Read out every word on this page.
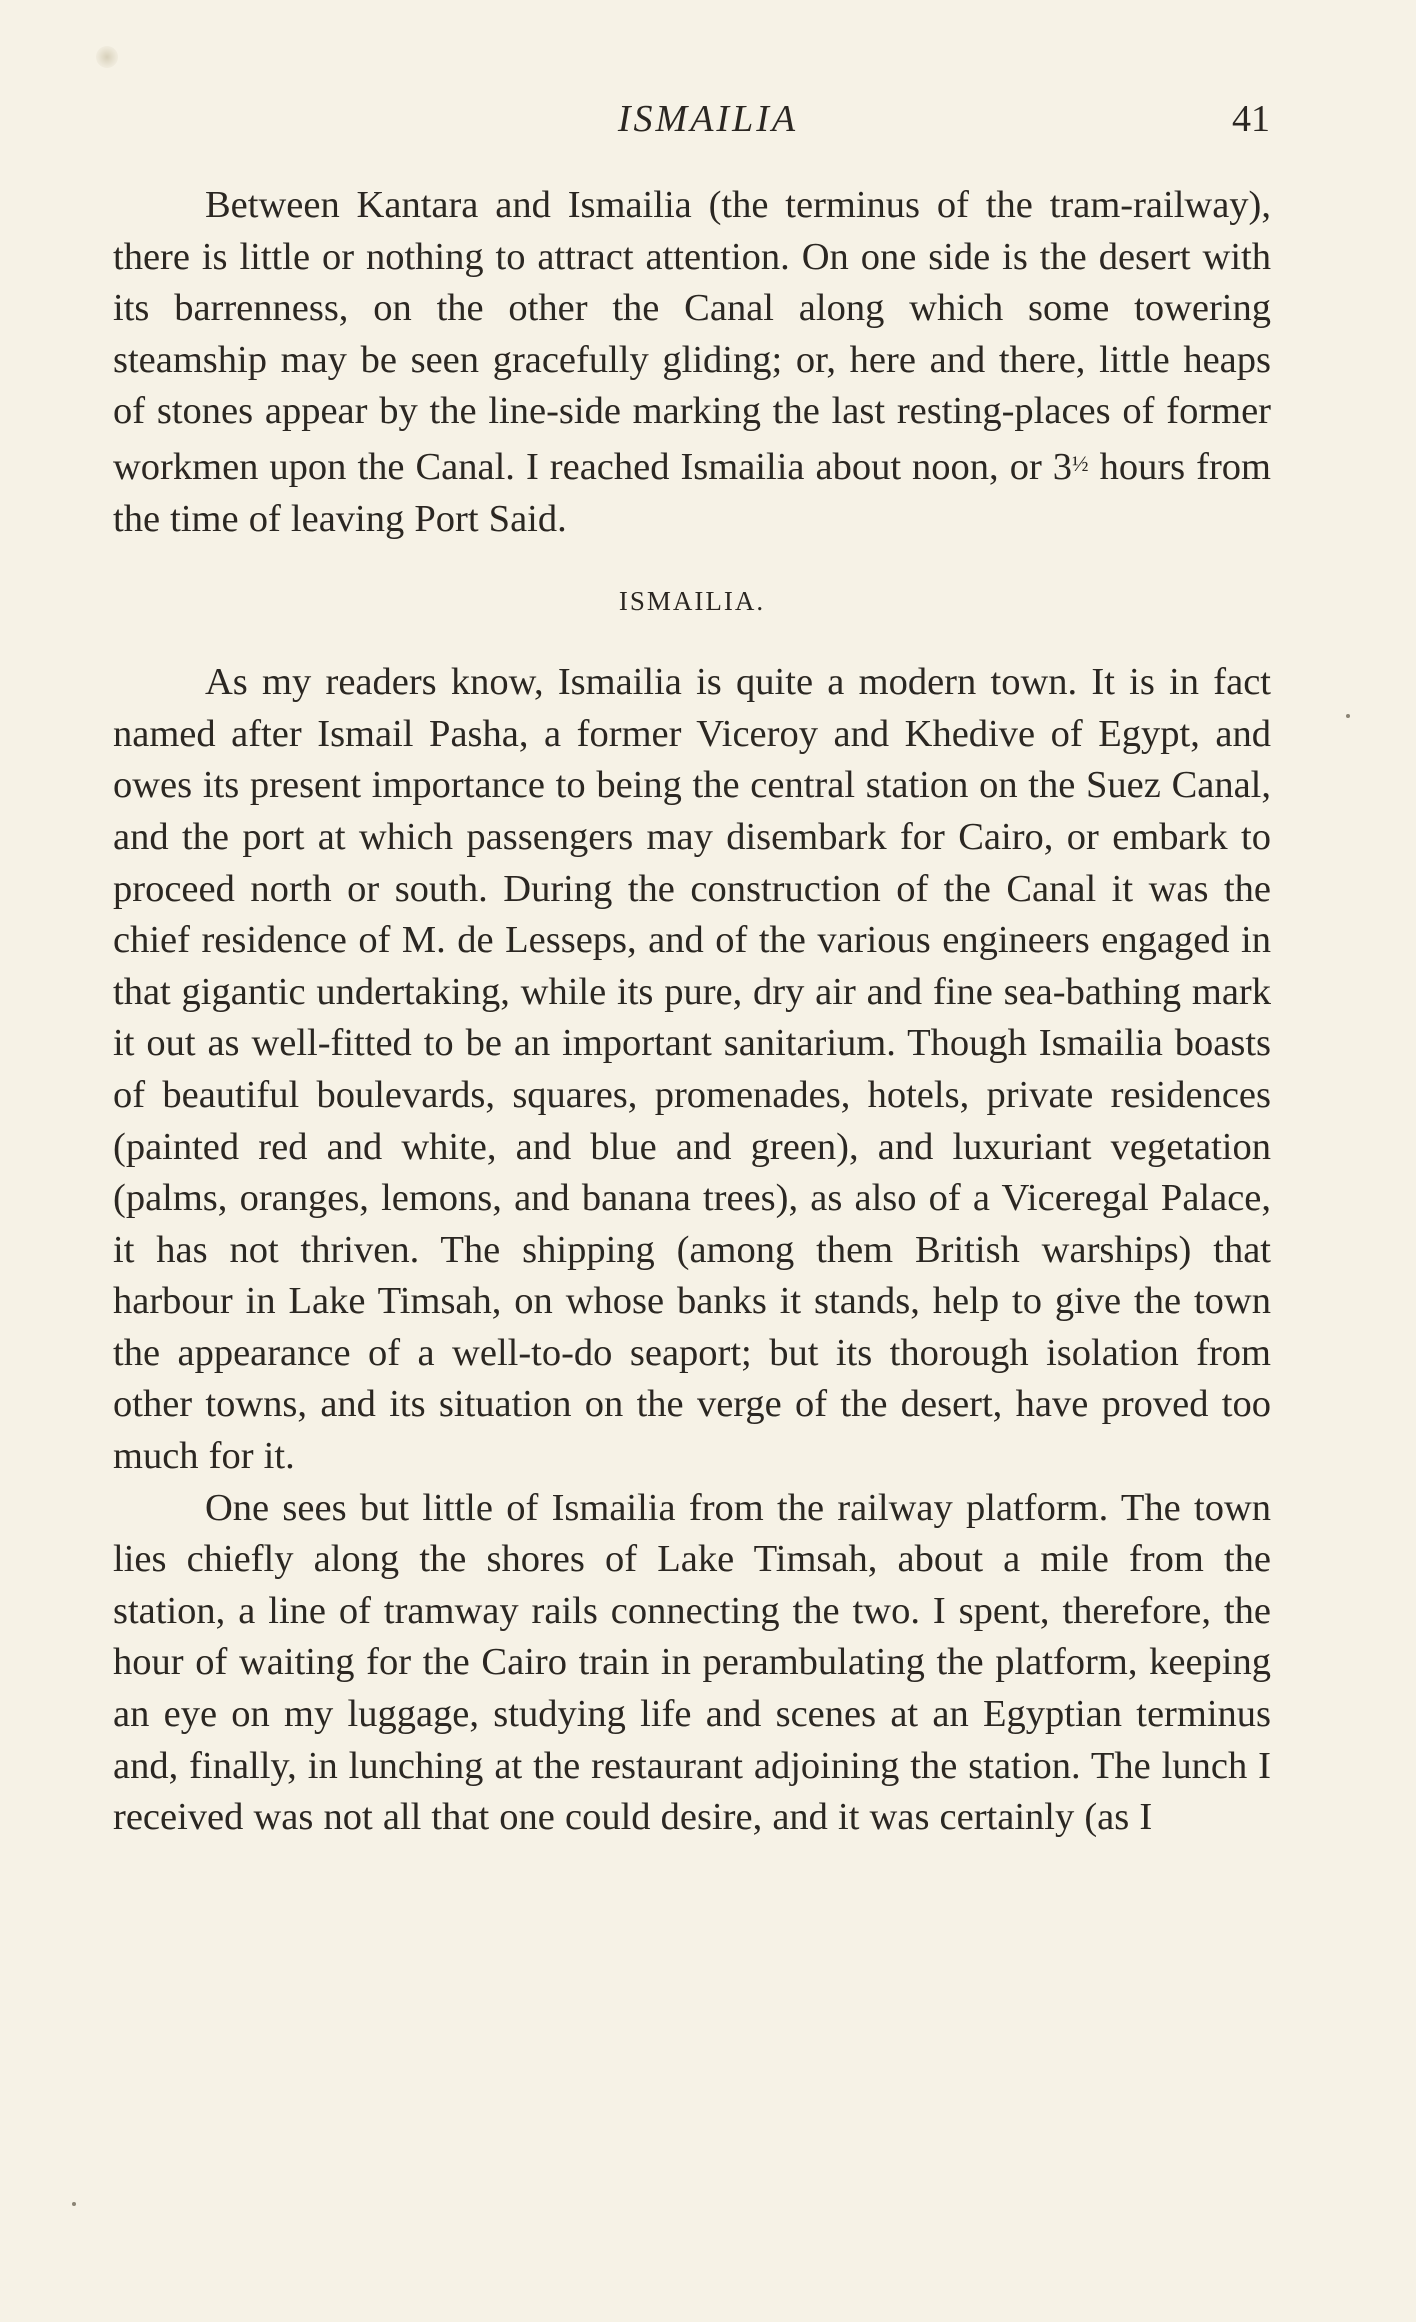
ISMAILIA	41

Between Kantara and Ismailia (the terminus of the tram-railway), there is little or nothing to attract attention. On one side is the desert with its barrenness, on the other the Canal along which some towering steamship may be seen gracefully gliding; or, here and there, little heaps of stones appear by the line-side marking the last resting-places of former workmen upon the Canal. I reached Ismailia about noon, or $3^{\frac{1}{2}}$ hours from the time of leaving Port Said.

ISMAILIA.

As my readers know, Ismailia is quite a modern town. It is in fact named after Ismail Pasha, a former Viceroy and Khedive of Egypt, and owes its present importance to being the central station on the Suez Canal, and the port at which passengers may disembark for Cairo, or embark to proceed north or south. During the construction of the Canal it was the chief residence of M. de Lesseps, and of the various engineers engaged in that gigantic undertaking, while its pure, dry air and fine sea-bathing mark it out as well-fitted to be an important sanitarium. Though Ismailia boasts of beautiful boulevards, squares, promenades, hotels, private residences (painted red and white, and blue and green), and luxuriant vegetation (palms, oranges, lemons, and banana trees), as also of a Viceregal Palace, it has not thriven. The shipping (among them British warships) that harbour in Lake Timsah, on whose banks it stands, help to give the town the appearance of a well-to-do seaport; but its thorough isolation from other towns, and its situation on the verge of the desert, have proved too much for it.

One sees but little of Ismailia from the railway platform. The town lies chiefly along the shores of Lake Timsah, about a mile from the station, a line of tramway rails connecting the two. I spent, therefore, the hour of waiting for the Cairo train in perambulating the platform, keeping an eye on my luggage, studying life and scenes at an Egyptian terminus and, finally, in lunching at the restaurant adjoining the station. The lunch I received was not all that one could desire, and it was certainly (as I
